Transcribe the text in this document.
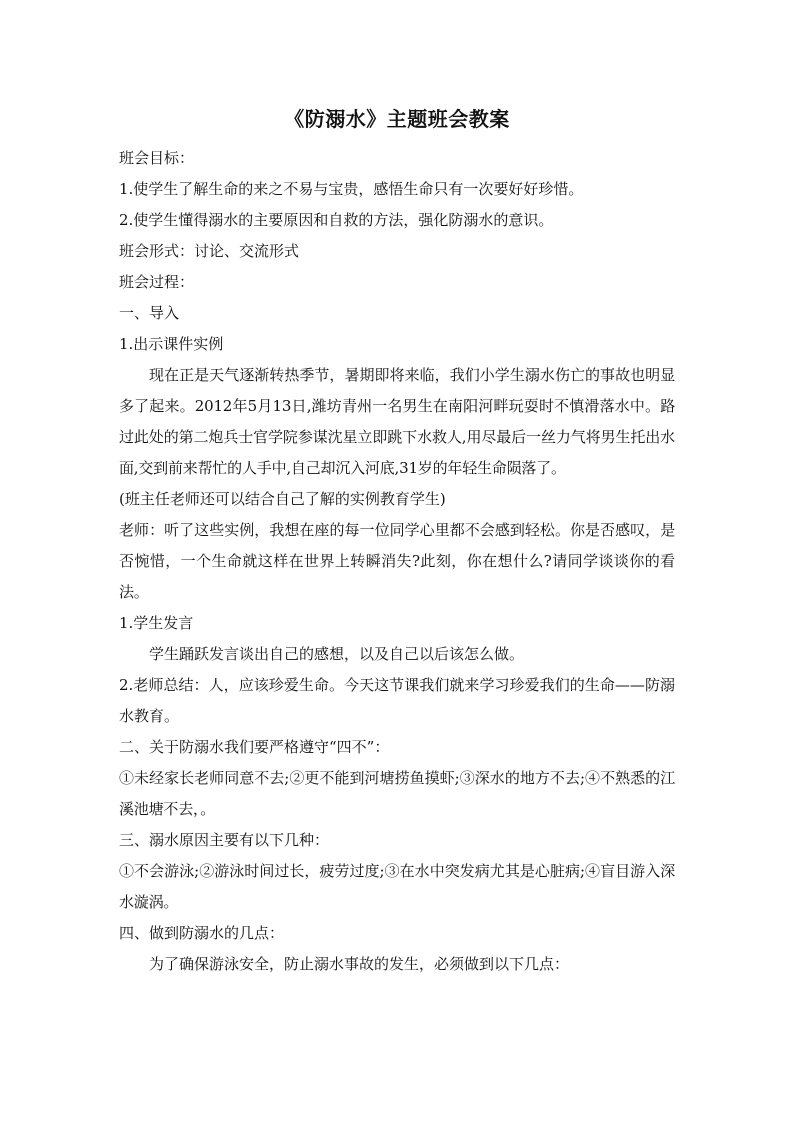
《防溺水》主题班会教案

班会目标：

1.使学生了解生命的来之不易与宝贵，感悟生命只有一次要好好珍惜。

2.使学生懂得溺水的主要原因和自救的方法，强化防溺水的意识。

班会形式：讨论、交流形式

班会过程：

一、导入

1.出示课件实例

现在正是天气逐渐转热季节，暑期即将来临，我们小学生溺水伤亡的事故也明显多了起来。2012年5月13日,潍坊青州一名男生在南阳河畔玩耍时不慎滑落水中。路过此处的第二炮兵士官学院参谋沈星立即跳下水救人,用尽最后一丝力气将男生托出水面,交到前来帮忙的人手中,自己却沉入河底,31岁的年轻生命陨落了。

(班主任老师还可以结合自己了解的实例教育学生)

老师：听了这些实例，我想在座的每一位同学心里都不会感到轻松。你是否感叹，是否惋惜，一个生命就这样在世界上转瞬消失?此刻，你在想什么?请同学谈谈你的看法。

1.学生发言

学生踊跃发言谈出自己的感想，以及自己以后该怎么做。

2.老师总结：人，应该珍爱生命。今天这节课我们就来学习珍爱我们的生命——防溺水教育。

二、关于防溺水我们要严格遵守“四不”：

①未经家长老师同意不去;②更不能到河塘捞鱼摸虾;③深水的地方不去;④不熟悉的江溪池塘不去，。

三、溺水原因主要有以下几种：

①不会游泳;②游泳时间过长，疲劳过度;③在水中突发病尤其是心脏病;④盲目游入深水漩涡。

四、做到防溺水的几点：

为了确保游泳安全，防止溺水事故的发生，必须做到以下几点：
